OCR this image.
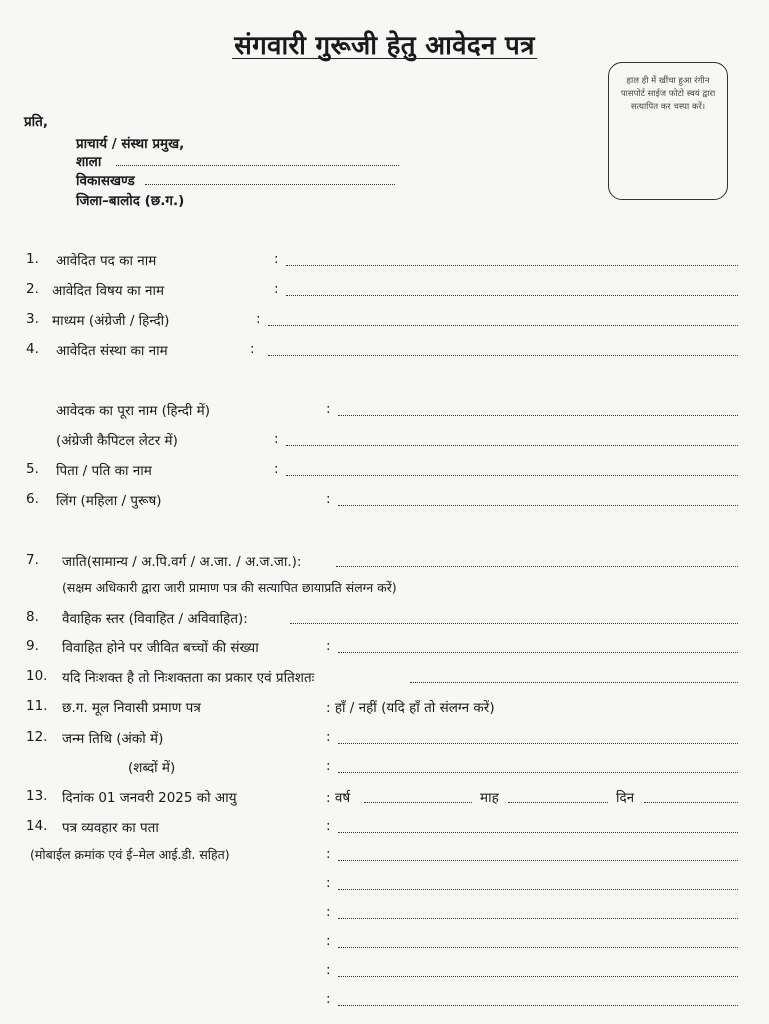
संगवारी गुरूजी हेतु आवेदन पत्र
हाल ही में खींचा हुआ रंगीन पासपोर्ट साईज फोटो स्वयं द्वारा सत्यापित कर चस्पा करें।
प्रति,
प्राचार्य / संस्था प्रमुख,
शाला
विकासखण्ड
जिला–बालोद (छ.ग.)
1. आवेदित पद का नाम	:
2. आवेदित विषय का नाम	:
3. माध्यम (अंग्रेजी / हिन्दी)	:
4. आवेदित संस्था का नाम	:
आवेदक का पूरा नाम (हिन्दी में)	:
(अंग्रेजी कैपिटल लेटर में)	:
5. पिता / पति का नाम	:
6. लिंग (महिला / पुरूष)	:
7. जाति(सामान्य / अ.पि.वर्ग / अ.जा. / अ.ज.जा.):
(सक्षम अधिकारी द्वारा जारी प्रामाण पत्र की सत्यापित छायाप्रति संलग्न करें)
8. वैवाहिक स्तर (विवाहित / अविवाहित):
9. विवाहित होने पर जीवित बच्चों की संख्या	:
10. यदि निःशक्त है तो निःशक्तता का प्रकार एवं प्रतिशतः
11. छ.ग. मूल निवासी प्रमाण पत्र	: हॉं / नहीं (यदि हॉं तो संलग्न करें)
12. जन्म तिथि (अंको में)	:
(शब्दों में)	:
13. दिनांक 01 जनवरी 2025 को आयु	: वर्ष	माह	दिन
14. पत्र व्यवहार का पता	:
(मोबाईल क्रमांक एवं ई–मेल आई.डी. सहित)	:
:
:
:
:
:
